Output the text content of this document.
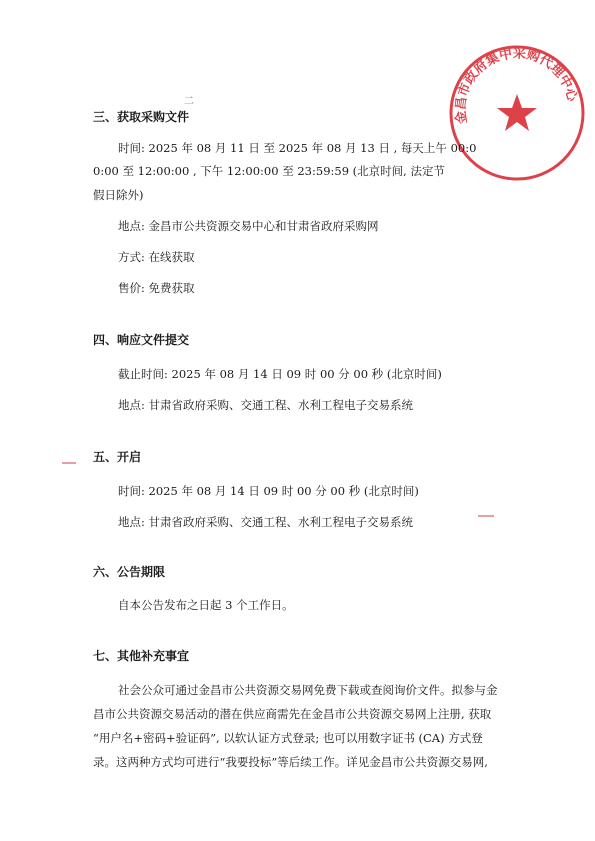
金昌市政府集中采购代理中心
二
三、获取采购文件
时间: 2025 年 08 月 11 日 至 2025 年 08 月 13 日 , 每天上午 00:0
0:00 至 12:00:00 , 下午 12:00:00 至 23:59:59 (北京时间, 法定节
假日除外)
地点: 金昌市公共资源交易中心和甘肃省政府采购网
方式: 在线获取
售价: 免费获取
四、响应文件提交
截止时间: 2025 年 08 月 14 日 09 时 00 分 00 秒 (北京时间)
地点: 甘肃省政府采购、交通工程、水利工程电子交易系统
五、开启
时间: 2025 年 08 月 14 日 09 时 00 分 00 秒 (北京时间)
地点: 甘肃省政府采购、交通工程、水利工程电子交易系统
六、公告期限
自本公告发布之日起 3 个工作日。
七、其他补充事宜
社会公众可通过金昌市公共资源交易网免费下载或查阅询价文件。拟参与金
昌市公共资源交易活动的潜在供应商需先在金昌市公共资源交易网上注册, 获取
“用户名+密码+验证码”, 以软认证方式登录; 也可以用数字证书 (CA) 方式登
录。这两种方式均可进行“我要投标”等后续工作。详见金昌市公共资源交易网,
